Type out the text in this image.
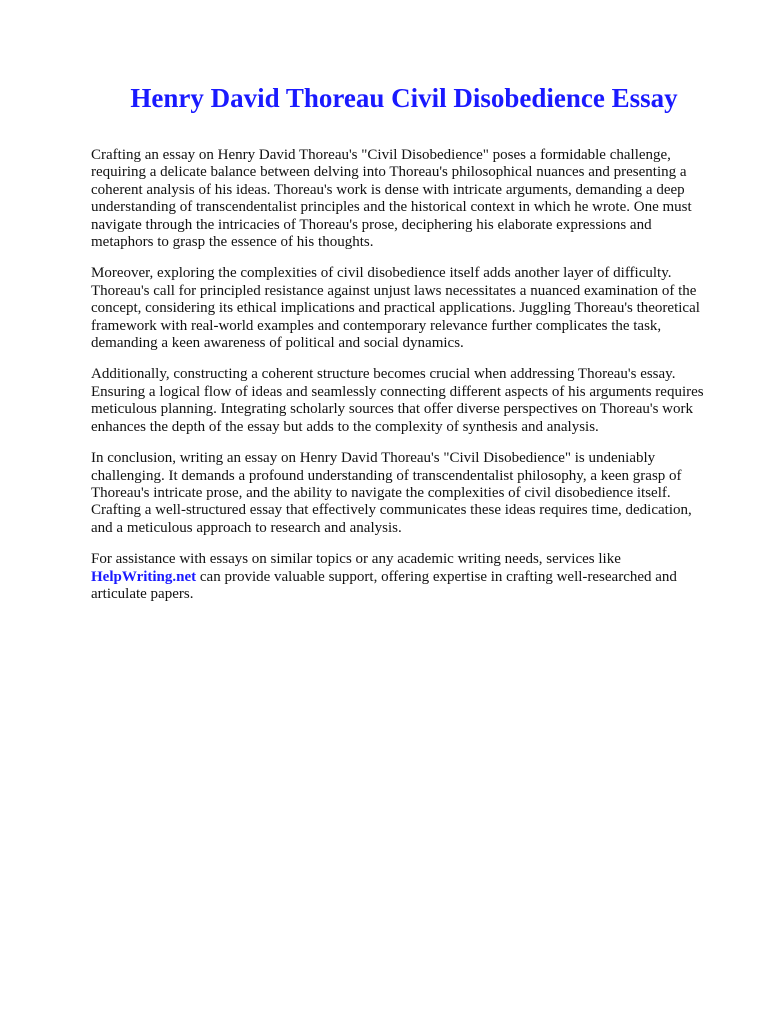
Henry David Thoreau Civil Disobedience Essay

Crafting an essay on Henry David Thoreau's "Civil Disobedience" poses a formidable challenge, requiring a delicate balance between delving into Thoreau's philosophical nuances and presenting a coherent analysis of his ideas. Thoreau's work is dense with intricate arguments, demanding a deep understanding of transcendentalist principles and the historical context in which he wrote. One must navigate through the intricacies of Thoreau's prose, deciphering his elaborate expressions and metaphors to grasp the essence of his thoughts.

Moreover, exploring the complexities of civil disobedience itself adds another layer of difficulty. Thoreau's call for principled resistance against unjust laws necessitates a nuanced examination of the concept, considering its ethical implications and practical applications. Juggling Thoreau's theoretical framework with real-world examples and contemporary relevance further complicates the task, demanding a keen awareness of political and social dynamics.

Additionally, constructing a coherent structure becomes crucial when addressing Thoreau's essay. Ensuring a logical flow of ideas and seamlessly connecting different aspects of his arguments requires meticulous planning. Integrating scholarly sources that offer diverse perspectives on Thoreau's work enhances the depth of the essay but adds to the complexity of synthesis and analysis.

In conclusion, writing an essay on Henry David Thoreau's "Civil Disobedience" is undeniably challenging. It demands a profound understanding of transcendentalist philosophy, a keen grasp of Thoreau's intricate prose, and the ability to navigate the complexities of civil disobedience itself. Crafting a well-structured essay that effectively communicates these ideas requires time, dedication, and a meticulous approach to research and analysis.

For assistance with essays on similar topics or any academic writing needs, services like HelpWriting.net can provide valuable support, offering expertise in crafting well-researched and articulate papers.
